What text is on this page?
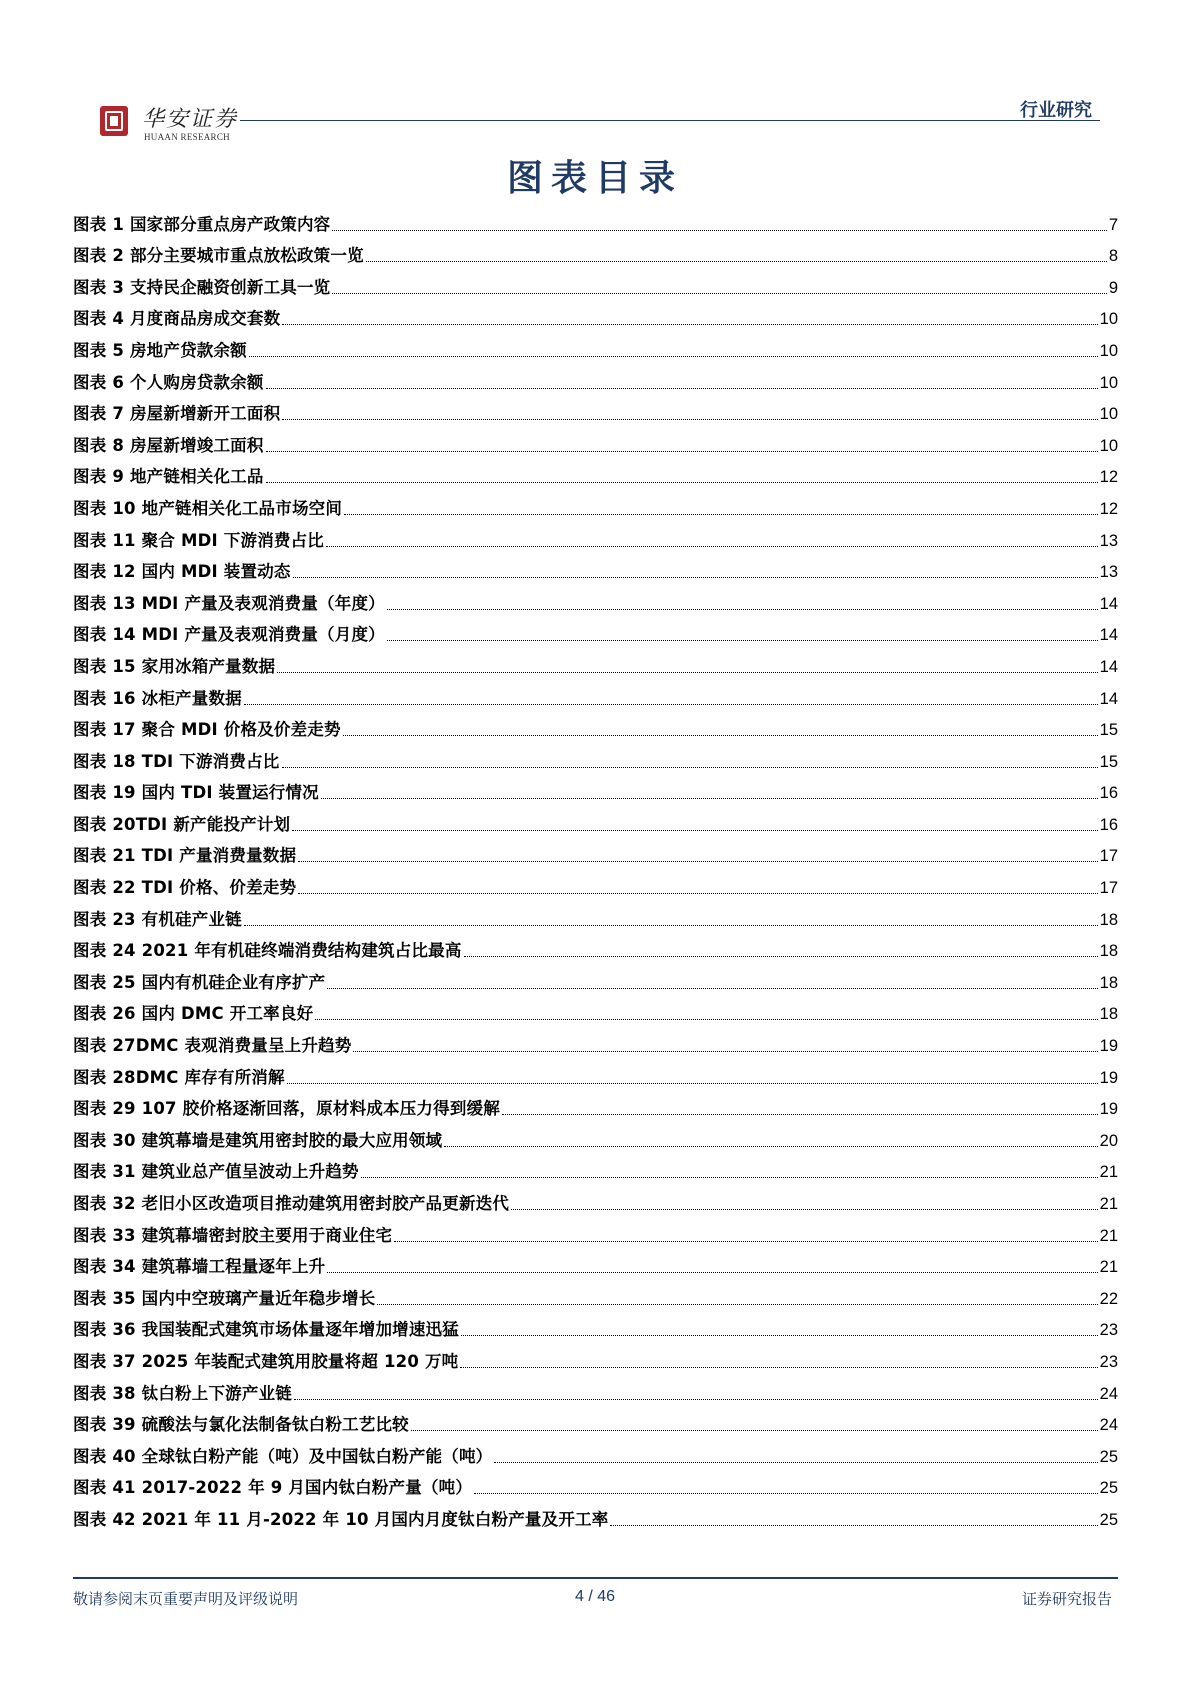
华安证券
HUAAN RESEARCH
行业研究
图表目录
图表 1 国家部分重点房产政策内容	7
图表 2 部分主要城市重点放松政策一览	8
图表 3 支持民企融资创新工具一览	9
图表 4 月度商品房成交套数	10
图表 5 房地产贷款余额	10
图表 6 个人购房贷款余额	10
图表 7 房屋新增新开工面积	10
图表 8 房屋新增竣工面积	10
图表 9 地产链相关化工品	12
图表 10 地产链相关化工品市场空间	12
图表 11 聚合 MDI 下游消费占比	13
图表 12 国内 MDI 装置动态	13
图表 13 MDI 产量及表观消费量（年度）	14
图表 14 MDI 产量及表观消费量（月度）	14
图表 15 家用冰箱产量数据	14
图表 16 冰柜产量数据	14
图表 17 聚合 MDI 价格及价差走势	15
图表 18 TDI 下游消费占比	15
图表 19 国内 TDI 装置运行情况	16
图表 20TDI 新产能投产计划	16
图表 21 TDI 产量消费量数据	17
图表 22 TDI 价格、价差走势	17
图表 23 有机硅产业链	18
图表 24 2021 年有机硅终端消费结构建筑占比最高	18
图表 25 国内有机硅企业有序扩产	18
图表 26 国内 DMC 开工率良好	18
图表 27DMC 表观消费量呈上升趋势	19
图表 28DMC 库存有所消解	19
图表 29 107 胶价格逐渐回落，原材料成本压力得到缓解	19
图表 30 建筑幕墙是建筑用密封胶的最大应用领域	20
图表 31 建筑业总产值呈波动上升趋势	21
图表 32 老旧小区改造项目推动建筑用密封胶产品更新迭代	21
图表 33 建筑幕墙密封胶主要用于商业住宅	21
图表 34 建筑幕墙工程量逐年上升	21
图表 35 国内中空玻璃产量近年稳步增长	22
图表 36 我国装配式建筑市场体量逐年增加增速迅猛	23
图表 37 2025 年装配式建筑用胶量将超 120 万吨	23
图表 38 钛白粉上下游产业链	24
图表 39 硫酸法与氯化法制备钛白粉工艺比较	24
图表 40 全球钛白粉产能（吨）及中国钛白粉产能（吨）	25
图表 41 2017-2022 年 9 月国内钛白粉产量（吨）	25
图表 42 2021 年 11 月-2022 年 10 月国内月度钛白粉产量及开工率	25
敬请参阅末页重要声明及评级说明	4 / 46	证券研究报告
